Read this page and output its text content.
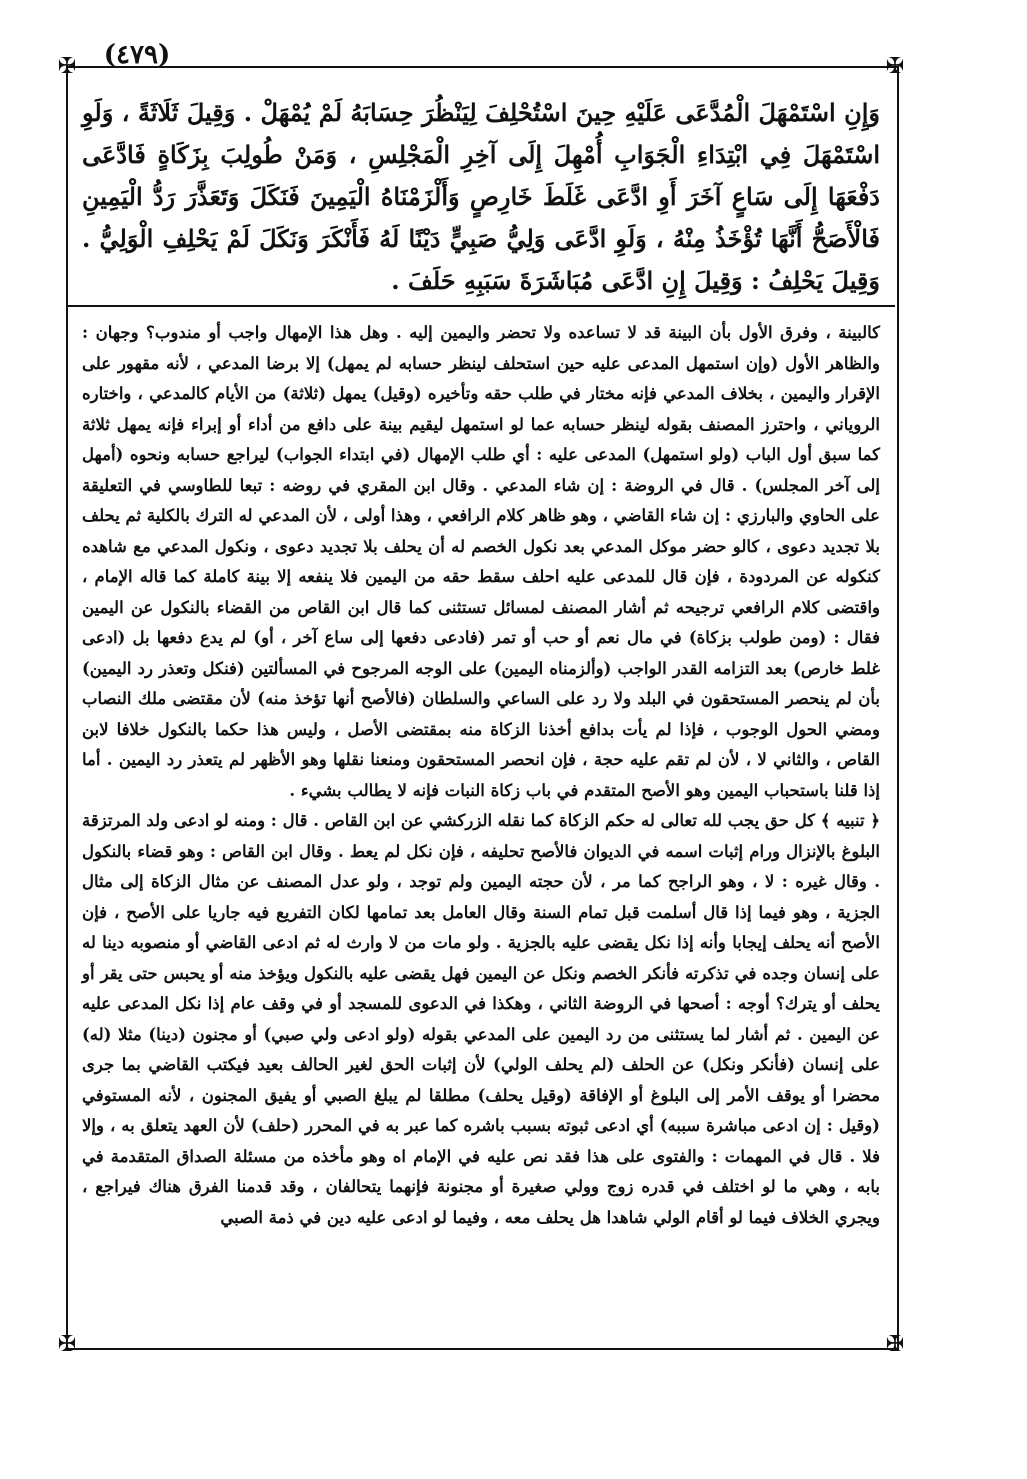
(٤٧٩)
✠	✠
✠	✠

وَإِنِ اسْتَمْهَلَ الْمُدَّعَى عَلَيْهِ حِينَ اسْتُحْلِفَ لِيَنْظُرَ حِسَابَهُ لَمْ يُمْهَلْ . وَقِيلَ ثَلَاثَةً ، وَلَوِ اسْتَمْهَلَ فِي ابْتِدَاءِ الْجَوَابِ أُمْهِلَ إِلَى آخِرِ الْمَجْلِسِ ، وَمَنْ طُولِبَ بِزَكَاةٍ فَادَّعَى دَفْعَهَا إِلَى سَاعٍ آخَرَ أَوِ ادَّعَى غَلَطَ خَارِصٍ وَأَلْزَمْنَاهُ الْيَمِينَ فَنَكَلَ وَتَعَذَّرَ رَدُّ الْيَمِينِ فَالْأَصَحُّ أَنَّهَا تُؤْخَذُ مِنْهُ ، وَلَوِ ادَّعَى وَلِيُّ صَبِيٍّ دَيْنًا لَهُ فَأَنْكَرَ وَنَكَلَ لَمْ يَحْلِفِ الْوَلِيُّ . وَقِيلَ يَحْلِفُ : وَقِيلَ إِنِ ادَّعَى مُبَاشَرَةَ سَبَبِهِ حَلَفَ .

كالبينة ، وفرق الأول بأن البينة قد لا تساعده ولا تحضر واليمين إليه . وهل هذا الإمهال واجب أو مندوب؟ وجهان : والظاهر الأول (وإن استمهل المدعى عليه حين استحلف لينظر حسابه لم يمهل) إلا برضا المدعي ، لأنه مقهور على الإقرار واليمين ، بخلاف المدعي فإنه مختار في طلب حقه وتأخيره (وقيل) يمهل (ثلاثة) من الأيام كالمدعي ، واختاره الروياني ، واحترز المصنف بقوله لينظر حسابه عما لو استمهل ليقيم بينة على دافع من أداء أو إبراء فإنه يمهل ثلاثة كما سبق أول الباب (ولو استمهل) المدعى عليه : أي طلب الإمهال (في ابتداء الجواب) ليراجع حسابه ونحوه (أمهل إلى آخر المجلس) . قال في الروضة : إن شاء المدعي . وقال ابن المقري في روضه : تبعا للطاوسي في التعليقة على الحاوي والبارزي : إن شاء القاضي ، وهو ظاهر كلام الرافعي ، وهذا أولى ، لأن المدعي له الترك بالكلية ثم يحلف بلا تجديد دعوى ، كالو حضر موكل المدعي بعد نكول الخصم له أن يحلف بلا تجديد دعوى ، ونكول المدعي مع شاهده كنكوله عن المردودة ، فإن قال للمدعى عليه احلف سقط حقه من اليمين فلا ينفعه إلا بينة كاملة كما قاله الإمام ، واقتضى كلام الرافعي ترجيحه ثم أشار المصنف لمسائل تستثنى كما قال ابن القاص من القضاء بالنكول عن اليمين فقال : (ومن طولب بزكاة) في مال نعم أو حب أو تمر (فادعى دفعها إلى ساع آخر ، أو) لم يدع دفعها بل (ادعى غلط خارص) بعد التزامه القدر الواجب (وألزمناه اليمين) على الوجه المرجوح في المسألتين (فنكل وتعذر رد اليمين) بأن لم ينحصر المستحقون في البلد ولا رد على الساعي والسلطان (فالأصح أنها تؤخذ منه) لأن مقتضى ملك النصاب ومضي الحول الوجوب ، فإذا لم يأت بدافع أخذنا الزكاة منه بمقتضى الأصل ، وليس هذا حكما بالنكول خلافا لابن القاص ، والثاني لا ، لأن لم تقم عليه حجة ، فإن انحصر المستحقون ومنعنا نقلها وهو الأظهر لم يتعذر رد اليمين . أما إذا قلنا باستحباب اليمين وهو الأصح المتقدم في باب زكاة النبات فإنه لا يطالب بشيء .

﴿ تنبيه ﴾ كل حق يجب لله تعالى له حكم الزكاة كما نقله الزركشي عن ابن القاص . قال : ومنه لو ادعى ولد المرتزقة البلوغ بالإنزال ورام إثبات اسمه في الديوان فالأصح تحليفه ، فإن نكل لم يعط . وقال ابن القاص : وهو قضاء بالنكول . وقال غيره : لا ، وهو الراجح كما مر ، لأن حجته اليمين ولم توجد ، ولو عدل المصنف عن مثال الزكاة إلى مثال الجزية ، وهو فيما إذا قال أسلمت قبل تمام السنة وقال العامل بعد تمامها لكان التفريع فيه جاريا على الأصح ، فإن الأصح أنه يحلف إيجابا وأنه إذا نكل يقضى عليه بالجزية . ولو مات من لا وارث له ثم ادعى القاضي أو منصوبه دينا له على إنسان وجده في تذكرته فأنكر الخصم ونكل عن اليمين فهل يقضى عليه بالنكول ويؤخذ منه أو يحبس حتى يقر أو يحلف أو يترك؟ أوجه : أصحها في الروضة الثاني ، وهكذا في الدعوى للمسجد أو في وقف عام إذا نكل المدعى عليه عن اليمين . ثم أشار لما يستثنى من رد اليمين على المدعي بقوله (ولو ادعى ولي صبي) أو مجنون (دينا) مثلا (له) على إنسان (فأنكر ونكل) عن الحلف (لم يحلف الولي) لأن إثبات الحق لغير الحالف بعيد فيكتب القاضي بما جرى محضرا أو يوقف الأمر إلى البلوغ أو الإفاقة (وقيل يحلف) مطلقا لم يبلغ الصبي أو يفيق المجنون ، لأنه المستوفي (وقيل : إن ادعى مباشرة سببه) أي ادعى ثبوته بسبب باشره كما عبر به في المحرر (حلف) لأن العهد يتعلق به ، وإلا فلا . قال في المهمات : والفتوى على هذا فقد نص عليه في الإمام اه وهو مأخذه من مسئلة الصداق المتقدمة في بابه ، وهي ما لو اختلف في قدره زوج وولي صغيرة أو مجنونة فإنهما يتحالفان ، وقد قدمنا الفرق هناك فيراجع ، ويجري الخلاف فيما لو أقام الولي شاهدا هل يحلف معه ، وفيما لو ادعى عليه دين في ذمة الصبي
